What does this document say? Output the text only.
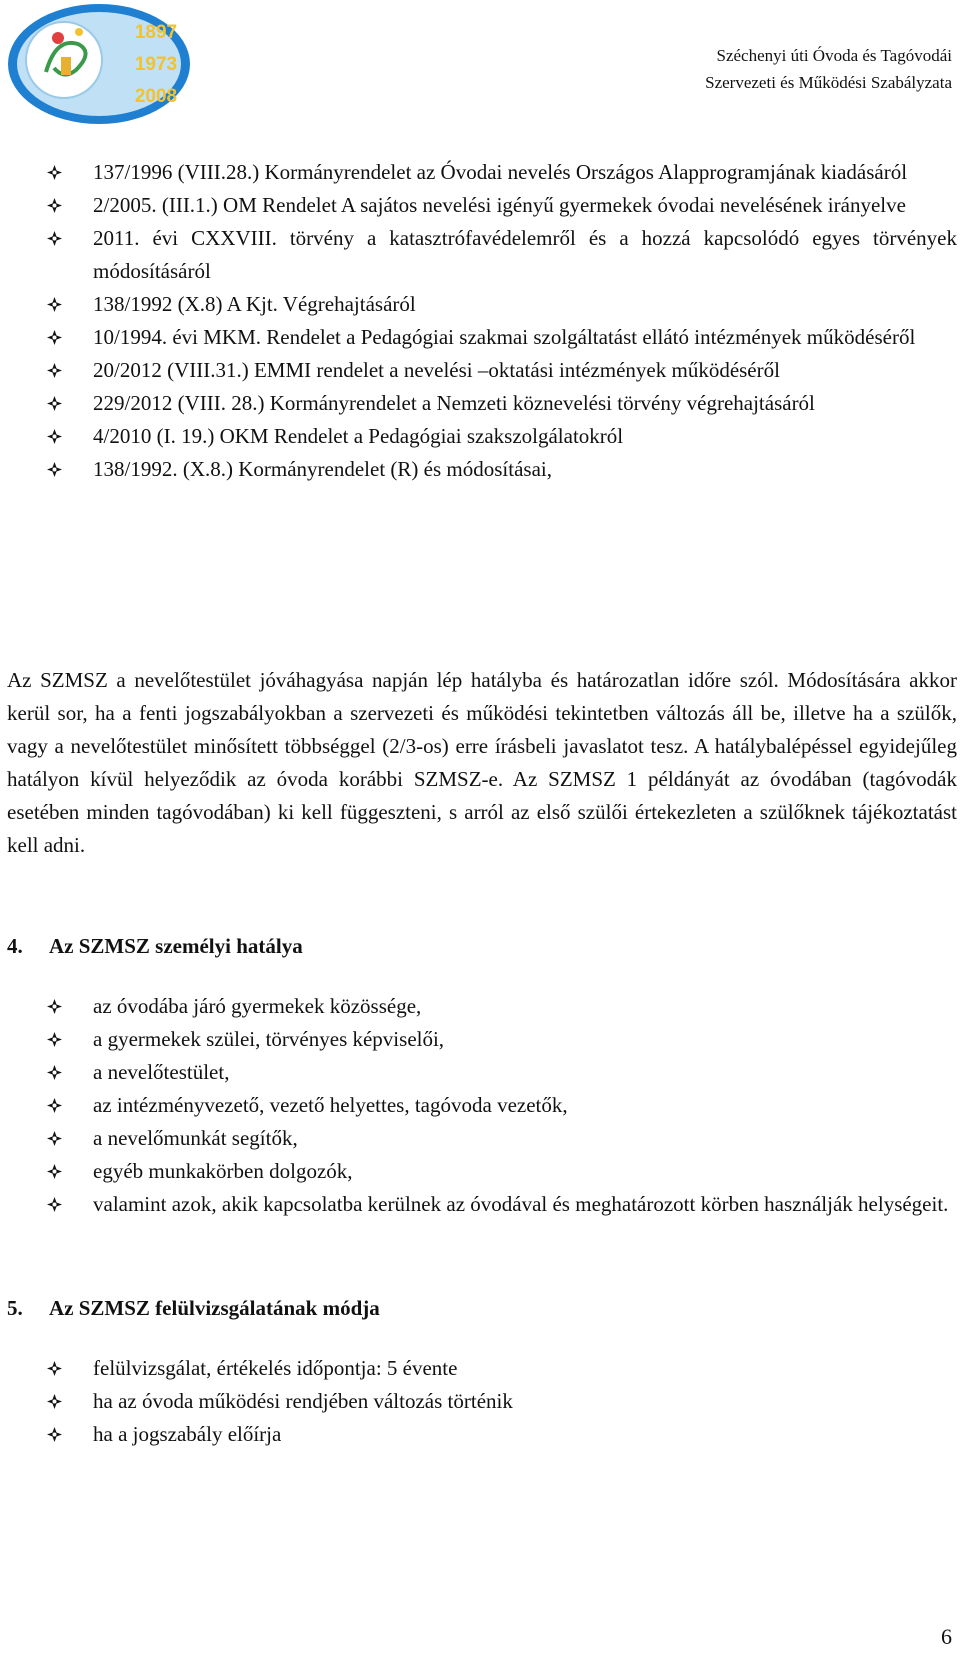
1897
1973
2008
Széchenyi úti Óvoda és Tagóvodái
Szervezeti és Működési Szabályzata
137/1996 (VIII.28.) Kormányrendelet az Óvodai nevelés Országos Alapprogramjának kiadásáról
2/2005. (III.1.) OM Rendelet A sajátos nevelési igényű gyermekek óvodai nevelésének irányelve
2011. évi CXXVIII. törvény a katasztrófavédelemről és a hozzá kapcsolódó egyes törvények módosításáról
138/1992 (X.8) A Kjt. Végrehajtásáról
10/1994. évi MKM. Rendelet a Pedagógiai szakmai szolgáltatást ellátó intézmények működéséről
20/2012 (VIII.31.) EMMI rendelet a nevelési –oktatási intézmények működéséről
229/2012 (VIII. 28.) Kormányrendelet a Nemzeti köznevelési törvény végrehajtásáról
4/2010 (I. 19.) OKM Rendelet a Pedagógiai szakszolgálatokról
138/1992. (X.8.) Kormányrendelet (R) és módosításai,

Az SZMSZ a nevelőtestület jóváhagyása napján lép hatályba és határozatlan időre szól. Módosítására akkor kerül sor, ha a fenti jogszabályokban a szervezeti és működési tekintetben változás áll be, illetve ha a szülők, vagy a nevelőtestület minősített többséggel (2/3-os) erre írásbeli javaslatot tesz. A hatálybalépéssel egyidejűleg hatályon kívül helyeződik az óvoda korábbi SZMSZ-e. Az SZMSZ 1 példányát az óvodában (tagóvodák esetében minden tagóvodában) ki kell függeszteni, s arról az első szülői értekezleten a szülőknek tájékoztatást kell adni.

4. Az SZMSZ személyi hatálya
az óvodába járó gyermekek közössége,
a gyermekek szülei, törvényes képviselői,
a nevelőtestület,
az intézményvezető, vezető helyettes, tagóvoda vezetők,
a nevelőmunkát segítők,
egyéb munkakörben dolgozók,
valamint azok, akik kapcsolatba kerülnek az óvodával és meghatározott körben használják helységeit.
5. Az SZMSZ felülvizsgálatának módja
felülvizsgálat, értékelés időpontja: 5 évente
ha az óvoda működési rendjében változás történik
ha a jogszabály előírja
6
